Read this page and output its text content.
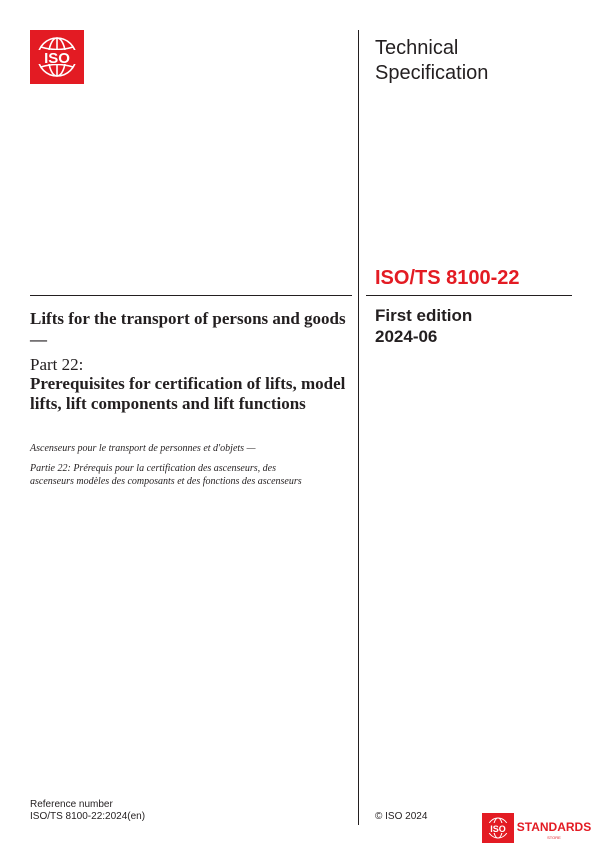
ISO	Technical
Specification
ISO/TS 8100-22
First edition
2024-06
Lifts for the transport of persons and goods —
Part 22:
Prerequisites for certification of lifts, model lifts, lift components and lift functions
Ascenseurs pour le transport de personnes et d'objets —
Partie 22: Prérequis pour la certification des ascenseurs, des ascenseurs modèles des composants et des fonctions des ascenseurs
Reference number
ISO/TS 8100-22:2024(en)	© ISO 2024
ISO STANDARDS
STORE
